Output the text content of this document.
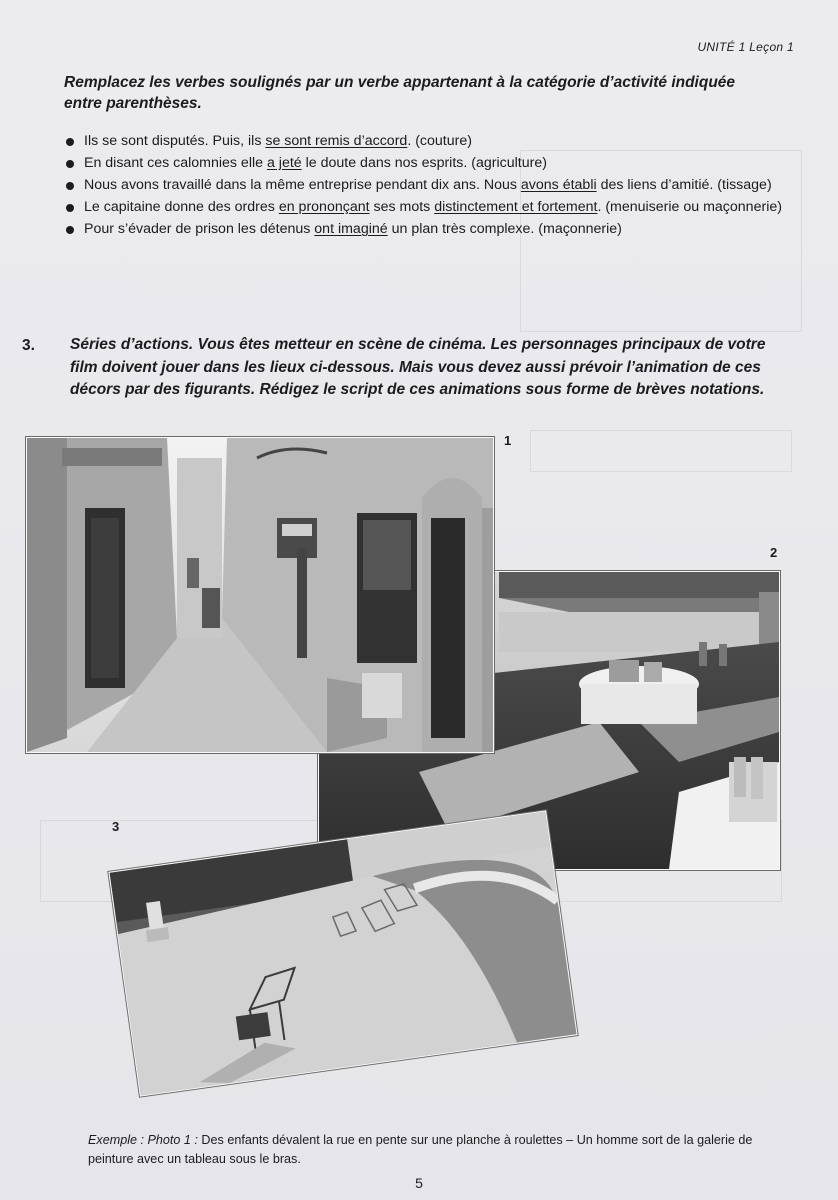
UNITÉ 1 Leçon 1
Remplacez les verbes soulignés par un verbe appartenant à la catégorie d’activité indiquée entre parenthèses.
Ils se sont disputés. Puis, ils se sont remis d’accord. (couture)
En disant ces calomnies elle a jeté le doute dans nos esprits. (agriculture)
Nous avons travaillé dans la même entreprise pendant dix ans. Nous avons établi des liens d’amitié. (tissage)
Le capitaine donne des ordres en prononçant ses mots distinctement et fortement. (menuiserie ou maçonnerie)
Pour s’évader de prison les détenus ont imaginé un plan très complexe. (maçonnerie)
3. Séries d’actions. Vous êtes metteur en scène de cinéma. Les personnages principaux de votre film doivent jouer dans les lieux ci-dessous. Mais vous devez aussi prévoir l’animation de ces décors par des figurants. Rédigez le script de ces animations sous forme de brèves notations.
1
2
3
Exemple : Photo 1 : Des enfants dévalent la rue en pente sur une planche à roulettes – Un homme sort de la galerie de peinture avec un tableau sous le bras.
5
